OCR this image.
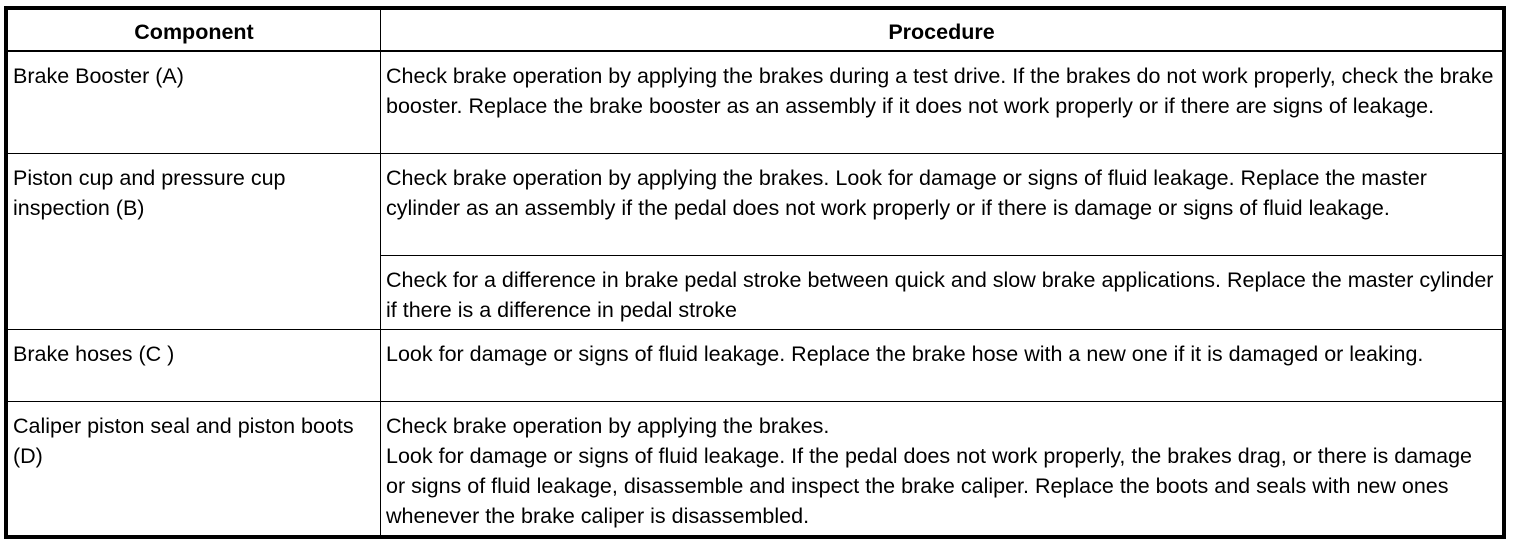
Component	Procedure
Brake Booster (A)	Check brake operation by applying the brakes during a test drive. If the brakes do not work properly, check the brake booster. Replace the brake booster as an assembly if it does not work properly or if there are signs of leakage.
Piston cup and pressure cup inspection (B)	Check brake operation by applying the brakes. Look for damage or signs of fluid leakage. Replace the master cylinder as an assembly if the pedal does not work properly or if there is damage or signs of fluid leakage.
	Check for a difference in brake pedal stroke between quick and slow brake applications. Replace the master cylinder if there is a difference in pedal stroke
Brake hoses (C )	Look for damage or signs of fluid leakage. Replace the brake hose with a new one if it is damaged or leaking.
Caliper piston seal and piston boots (D)	Check brake operation by applying the brakes.
Look for damage or signs of fluid leakage. If the pedal does not work properly, the brakes drag, or there is damage or signs of fluid leakage, disassemble and inspect the brake caliper. Replace the boots and seals with new ones whenever the brake caliper is disassembled.
